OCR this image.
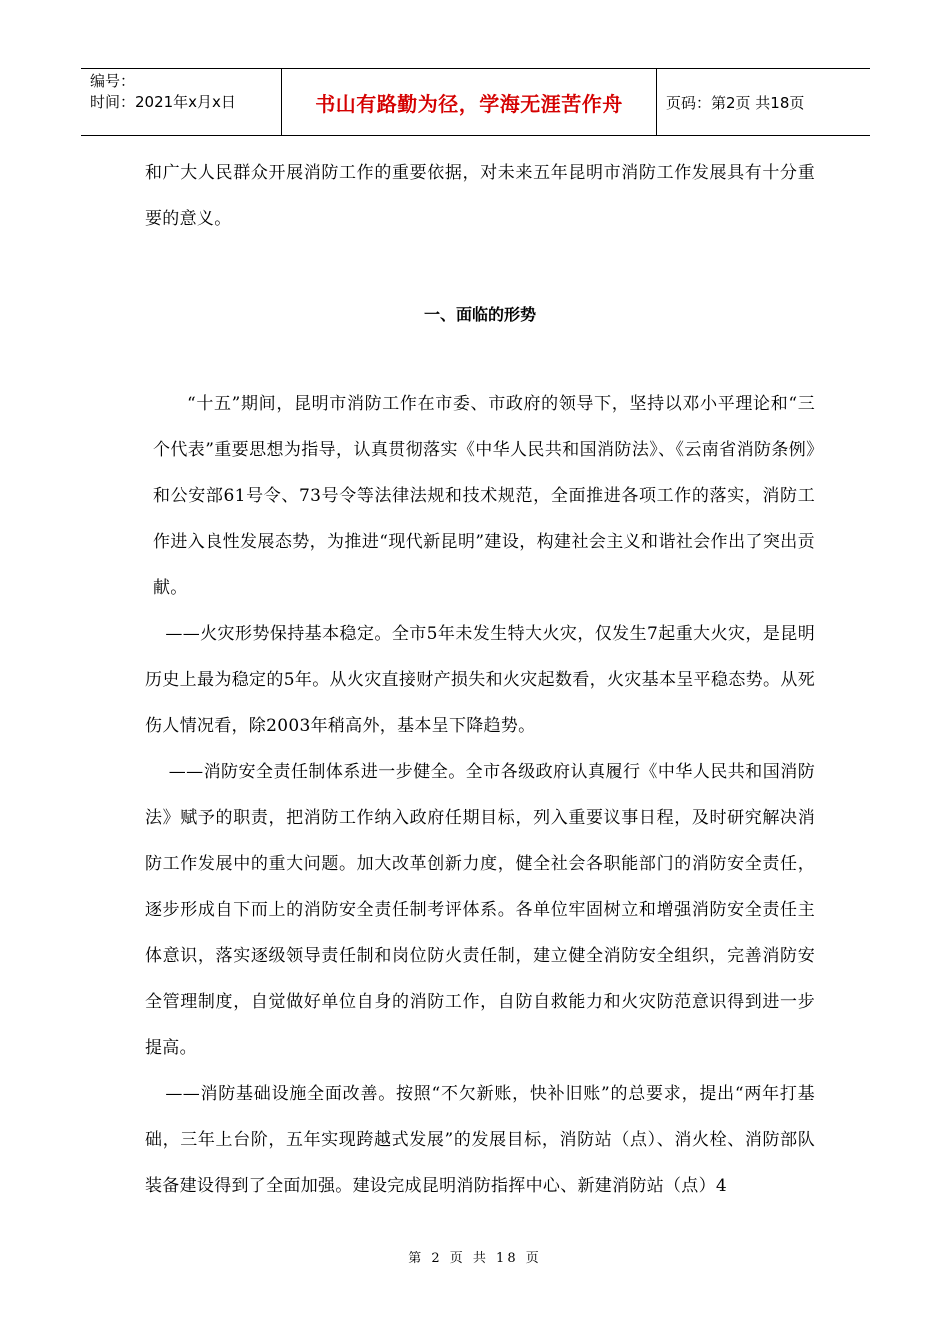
编号：
时间：2021年x月x日	书山有路勤为径，学海无涯苦作舟	页码：第2页 共18页

和广大人民群众开展消防工作的重要依据，对未来五年昆明市消防工作发展具有十分重要的意义。

一、面临的形势

“十五”期间，昆明市消防工作在市委、市政府的领导下，坚持以邓小平理论和“三个代表”重要思想为指导，认真贯彻落实《中华人民共和国消防法》、《云南省消防条例》和公安部61号令、73号令等法律法规和技术规范，全面推进各项工作的落实，消防工作进入良性发展态势，为推进“现代新昆明”建设，构建社会主义和谐社会作出了突出贡献。

——火灾形势保持基本稳定。全市5年未发生特大火灾，仅发生7起重大火灾，是昆明历史上最为稳定的5年。从火灾直接财产损失和火灾起数看，火灾基本呈平稳态势。从死伤人情况看，除2003年稍高外，基本呈下降趋势。

——消防安全责任制体系进一步健全。全市各级政府认真履行《中华人民共和国消防法》赋予的职责，把消防工作纳入政府任期目标，列入重要议事日程，及时研究解决消防工作发展中的重大问题。加大改革创新力度，健全社会各职能部门的消防安全责任，逐步形成自下而上的消防安全责任制考评体系。各单位牢固树立和增强消防安全责任主体意识，落实逐级领导责任制和岗位防火责任制，建立健全消防安全组织，完善消防安全管理制度，自觉做好单位自身的消防工作，自防自救能力和火灾防范意识得到进一步提高。

——消防基础设施全面改善。按照“不欠新账，快补旧账”的总要求，提出“两年打基础，三年上台阶，五年实现跨越式发展”的发展目标，消防站（点）、消火栓、消防部队装备建设得到了全面加强。建设完成昆明消防指挥中心、新建消防站（点）4

第 2 页 共 18 页
